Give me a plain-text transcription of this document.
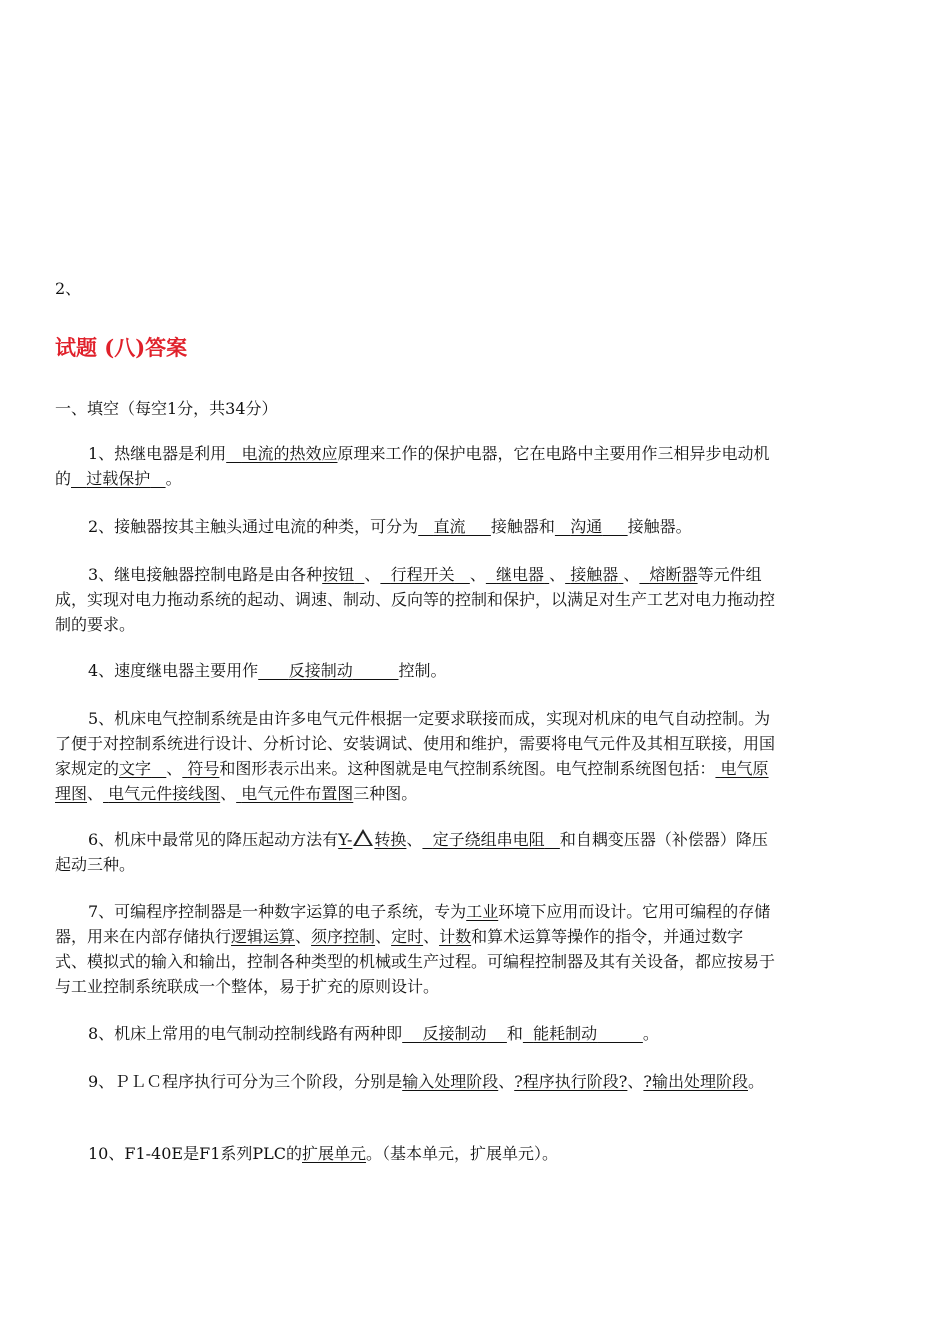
2、
试题 (八)答案
一、填空（每空1分，共34分）

1、热继电器是利用 电流的热效应原理来工作的保护电器，它在电路中主要用作三相异步电动机的 过载保护 。

2、接触器按其主触头通过电流的种类，可分为 直流 接触器和 沟通 接触器。

3、继电接触器控制电路是由各种按钮 、 行程开关 、 继电器 、 接触器 、 熔断器等元件组成，实现对电力拖动系统的起动、调速、制动、反向等的控制和保护，以满足对生产工艺对电力拖动控制的要求。

4、速度继电器主要用作 反接制动	控制。

5、机床电气控制系统是由许多电气元件根据一定要求联接而成，实现对机床的电气自动控制。为了便于对控制系统进行设计、分析讨论、安装调试、使用和维护，需要将电气元件及其相互联接，用国家规定的文字 、 符号和图形表示出来。这种图就是电气控制系统图。电气控制系统图包括： 电气原理图、 电气元件接线图、 电气元件布置图三种图。

6、机床中最常见的降压起动方法有Y- 转换、 定子绕组串电阻 和自耦变压器（补偿器）降压起动三种。

7、可编程序控制器是一种数字运算的电子系统，专为工业环境下应用而设计。它用可编程的存储器，用来在内部存储执行逻辑运算、须序控制、定时、计数和算术运算等操作的指令，并通过数字式、模拟式的输入和输出，控制各种类型的机械或生产过程。可编程控制器及其有关设备，都应按易于与工业控制系统联成一个整体，易于扩充的原则设计。

8、机床上常用的电气制动控制线路有两种即 反接制动 和 能耗制动	。

9、ＰＬＣ程序执行可分为三个阶段，分别是输入处理阶段、?程序执行阶段?、?输出处理阶段。

10、F1-40E是F1系列PLC的扩展单元。（基本单元，扩展单元）。
